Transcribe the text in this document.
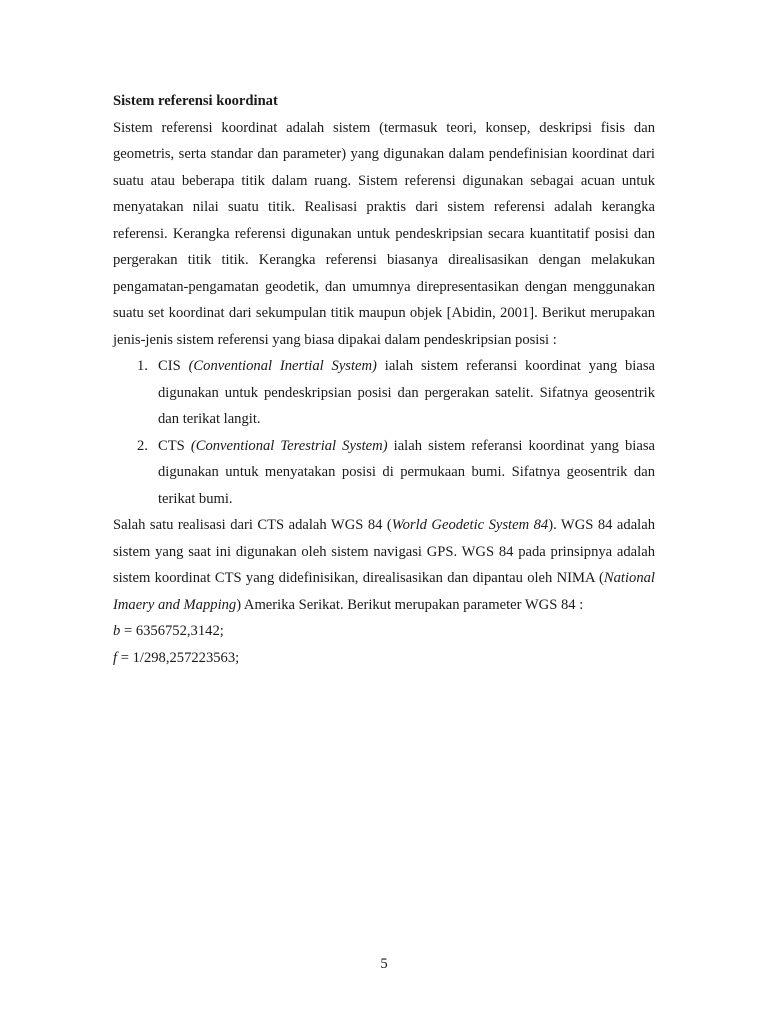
Sistem referensi koordinat

Sistem referensi koordinat adalah sistem (termasuk teori, konsep, deskripsi fisis dan geometris, serta standar dan parameter) yang digunakan dalam pendefinisian koordinat dari suatu atau beberapa titik dalam ruang. Sistem referensi digunakan sebagai acuan untuk menyatakan nilai suatu titik. Realisasi praktis dari sistem referensi adalah kerangka referensi. Kerangka referensi digunakan untuk pendeskripsian secara kuantitatif posisi dan pergerakan titik titik. Kerangka referensi biasanya direalisasikan dengan melakukan pengamatan-pengamatan geodetik, dan umumnya direpresentasikan dengan menggunakan suatu set koordinat dari sekumpulan titik maupun objek [Abidin, 2001]. Berikut merupakan jenis-jenis sistem referensi yang biasa dipakai dalam pendeskripsian posisi :

1. CIS (Conventional Inertial System) ialah sistem referansi koordinat yang biasa digunakan untuk pendeskripsian posisi dan pergerakan satelit. Sifatnya geosentrik dan terikat langit.
2. CTS (Conventional Terestrial System) ialah sistem referansi koordinat yang biasa digunakan untuk menyatakan posisi di permukaan bumi. Sifatnya geosentrik dan terikat bumi.

Salah satu realisasi dari CTS adalah WGS 84 (World Geodetic System 84). WGS 84 adalah sistem yang saat ini digunakan oleh sistem navigasi GPS. WGS 84 pada prinsipnya adalah sistem koordinat CTS yang didefinisikan, direalisasikan dan dipantau oleh NIMA (National Imaery and Mapping) Amerika Serikat. Berikut merupakan parameter WGS 84 :

b = 6356752,3142;

f = 1/298,257223563;

5
